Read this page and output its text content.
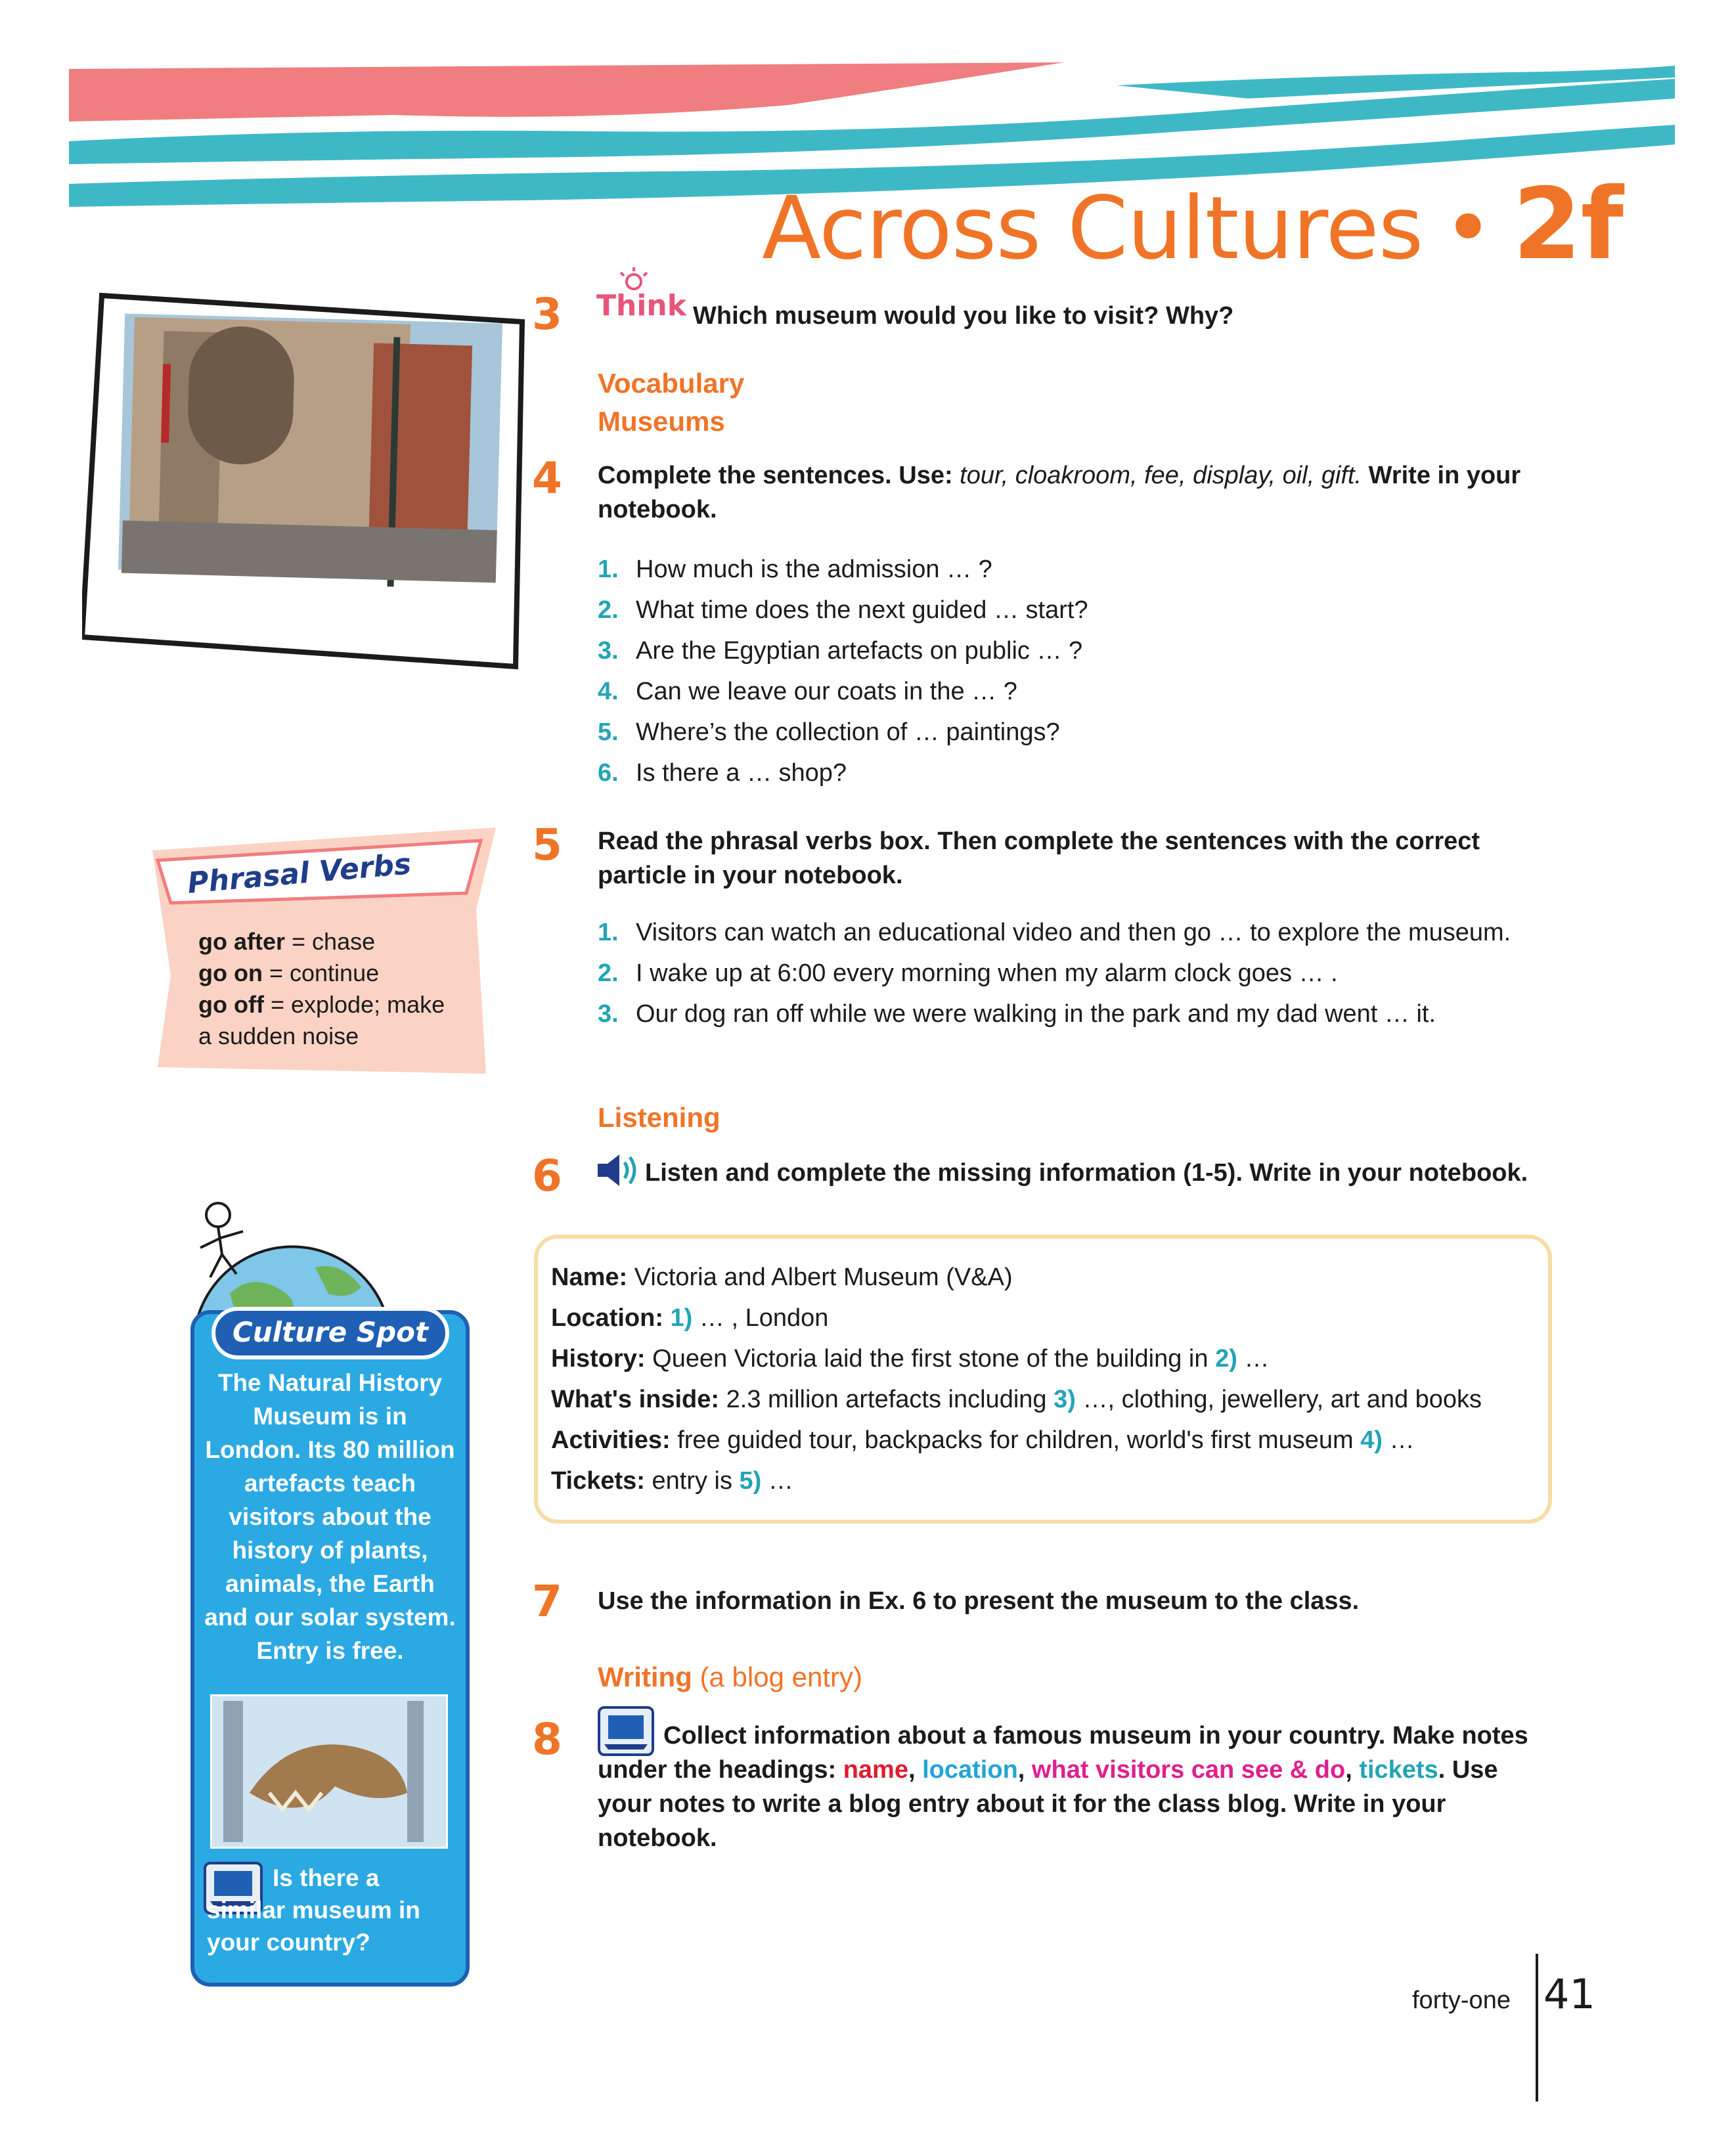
Across Cultures • 2f
3 Think Which museum would you like to visit? Why?
Vocabulary
Museums
4 Complete the sentences. Use: tour, cloakroom, fee, display, oil, gift. Write in your notebook.
1. How much is the admission … ?
2. What time does the next guided … start?
3. Are the Egyptian artefacts on public … ?
4. Can we leave our coats in the … ?
5. Where’s the collection of … paintings?
6. Is there a … shop?
Phrasal Verbs
go after = chase
go on = continue
go off = explode; make
a sudden noise
5 Read the phrasal verbs box. Then complete the sentences with the correct particle in your notebook.
1. Visitors can watch an educational video and then go … to explore the museum.
2. I wake up at 6:00 every morning when my alarm clock goes … .
3. Our dog ran off while we were walking in the park and my dad went … it.
Listening
6	Listen and complete the missing information (1-5). Write in your notebook.
Name: Victoria and Albert Museum (V&A)
Location: 1) … , London
History: Queen Victoria laid the first stone of the building in 2) …
What's inside: 2.3 million artefacts including 3) …, clothing, jewellery, art and books
Activities: free guided tour, backpacks for children, world's first museum 4) …
Tickets: entry is 5) …
7 Use the information in Ex. 6 to present the museum to the class.
Writing (a blog entry)
8	Collect information about a famous museum in your country. Make notes under the headings: name, location, what visitors can see & do, tickets. Use your notes to write a blog entry about it for the class blog. Write in your notebook.
Culture Spot
The Natural History Museum is in London. Its 80 million artefacts teach visitors about the history of plants, animals, the Earth and our solar system. Entry is free.
Is there a similar museum in your country?
forty-one 41
